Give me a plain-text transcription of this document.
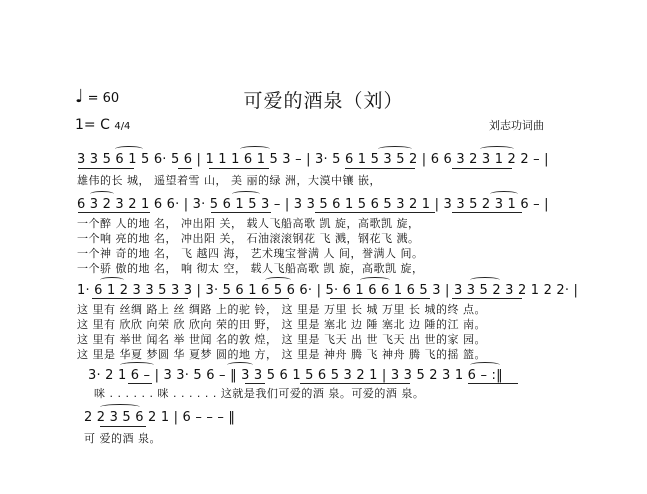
♩ = 60	可爱的酒泉（刘）
1= C 4/4	刘志功词曲
3 3 5 6 1 5 6· 5 6 | 1 1 1 6 1 5 3 – | 3· 5 6 1 5 3 5 2 | 6 6 3 2 3 1 2 2 – |
雄伟的长 城， 遥望着雪 山， 美 丽的绿 洲，大漠中镶 嵌，
6 3 2 3 2 1 6 6· | 3· 5 6 1 5 3 – | 3 3 5 6 1 5 6 5 3 2 1 | 3 3 5 2 3 1 6 – |
一个醉 人的地 名， 冲出阳 关， 载人飞船高歌 凯 旋，高歌凯 旋，
一个响 亮的地 名， 冲出阳 关， 石油滚滚钢花 飞 溅，钢花飞 溅。
一个神 奇的地 名， 飞 越四 海， 艺术瑰宝誉满 人 间，誉满人 间。
一个骄 傲的地 名， 响 彻太 空， 载人飞船高歌 凯 旋，高歌凯 旋，
1· 6 1 2 3 3 5 3 3 | 3· 5 6 1 6 5 6 6· | 5· 6 1 6 6 1 6 5 3 | 3 3 5 2 3 2 1 2 2· |
这 里有 丝绸 路上 丝 绸路 上的驼 铃， 这 里是 万里 长 城 万里 长 城的终 点。
这 里有 欣欣 向荣 欣 欣向 荣的田 野， 这 里是 塞北 边 陲 塞北 边 陲的江 南。
这 里有 举世 闻名 举 世闻 名的敦 煌， 这 里是 飞天 出 世 飞天 出 世的家 园。
这 里是 华夏 梦圆 华 夏梦 圆的地 方， 这 里是 神舟 腾 飞 神舟 腾 飞的摇 篮。
3· 2 1 6 – | 3 3· 5 6 – ‖ 3 3 5 6 1 5 6 5 3 2 1 | 3 3 5 2 3 1 6 – :‖
咪 . . . . . . 咪 . . . . . . 这就是我们可爱的酒 泉。可爱的酒 泉。
2 2 3 5 6 2 1 | 6 – – – ‖
可 爱的酒 泉。
